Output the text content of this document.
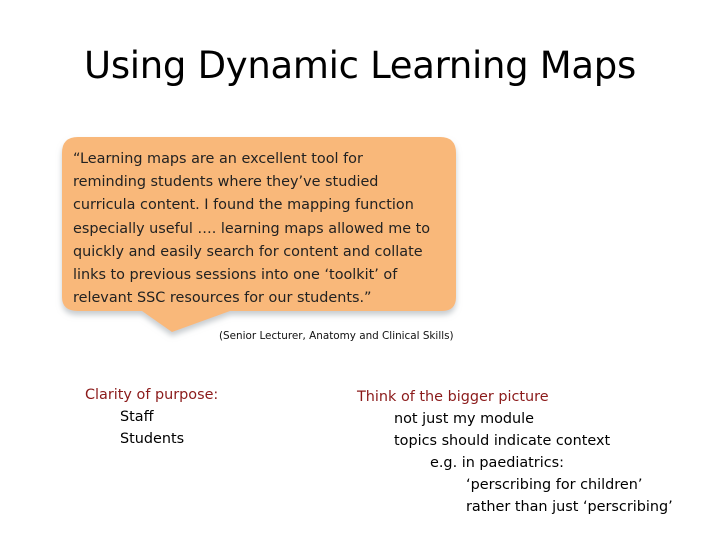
Using Dynamic Learning Maps
“Learning maps are an excellent tool for
reminding students where they’ve studied
curricula content. I found the mapping function
especially useful …. learning maps allowed me to
quickly and easily search for content and collate
links to previous sessions into one ‘toolkit’ of
relevant SSC resources for our students.”
(Senior Lecturer, Anatomy and Clinical Skills)
Clarity of purpose:
Staff
Students
Think of the bigger picture
not just my module
topics should indicate context
e.g. in paediatrics:
‘perscribing for children’
rather than just ‘perscribing’
